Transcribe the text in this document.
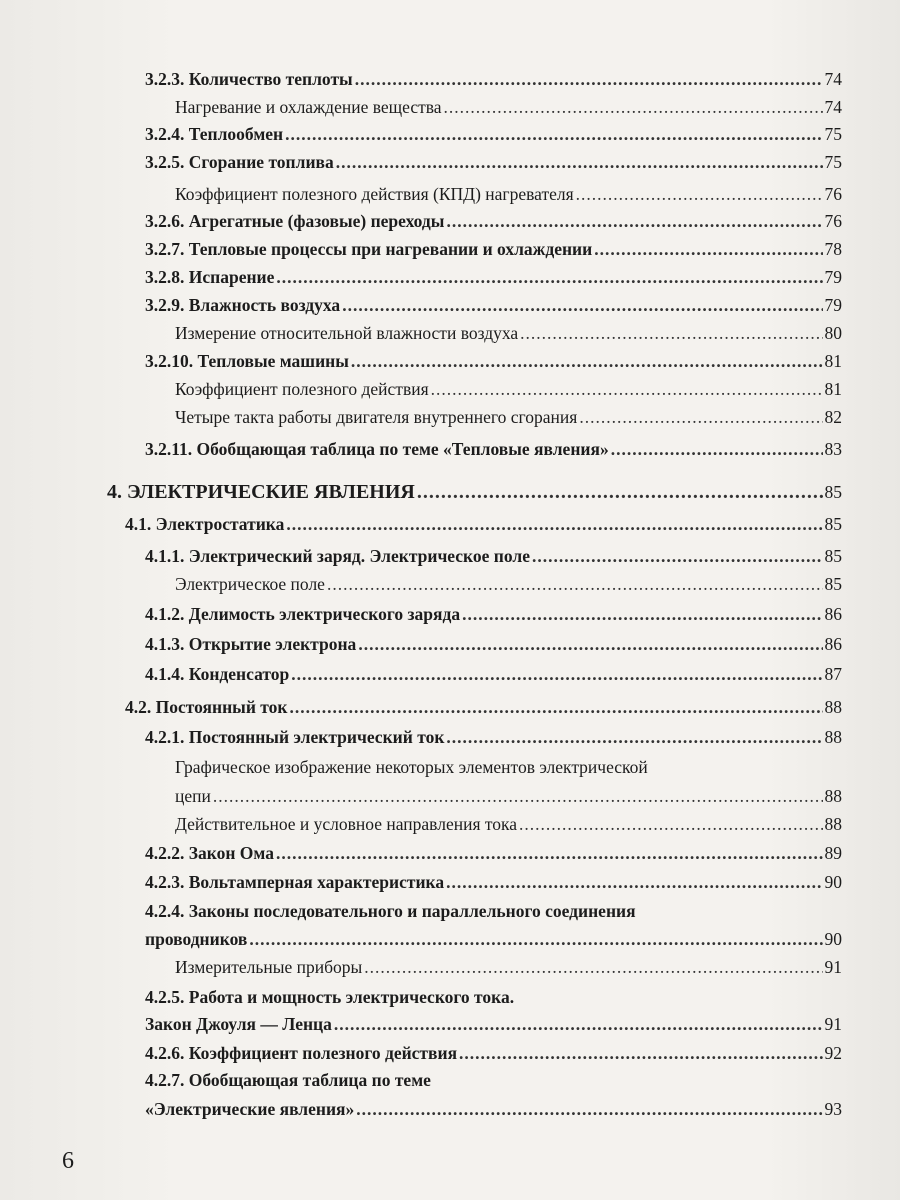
3.2.3. Количество теплоты .....	74
Нагревание и охлаждение вещества .....	74
3.2.4. Теплообмен .....	75
3.2.5. Сгорание топлива .....	75
Коэффициент полезного действия (КПД) нагревателя .....	76
3.2.6. Агрегатные (фазовые) переходы .....	76
3.2.7. Тепловые процессы при нагревании и охлаждении .....	78
3.2.8. Испарение .....	79
3.2.9. Влажность воздуха .....	79
Измерение относительной влажности воздуха .....	80
3.2.10. Тепловые машины .....	81
Коэффициент полезного действия .....	81
Четыре такта работы двигателя внутреннего сгорания .....	82
3.2.11. Обобщающая таблица по теме «Тепловые явления» .....	83
4. ЭЛЕКТРИЧЕСКИЕ ЯВЛЕНИЯ .....	85
4.1. Электростатика .....	85
4.1.1. Электрический заряд. Электрическое поле .....	85
Электрическое поле .....	85
4.1.2. Делимость электрического заряда .....	86
4.1.3. Открытие электрона .....	86
4.1.4. Конденсатор .....	87
4.2. Постоянный ток .....	88
4.2.1. Постоянный электрический ток .....	88
Графическое изображение некоторых элементов электрической
цепи .....	88
Действительное и условное направления тока .....	88
4.2.2. Закон Ома .....	89
4.2.3. Вольтамперная характеристика .....	90
4.2.4. Законы последовательного и параллельного соединения
проводников .....	90
Измерительные приборы .....	91
4.2.5. Работа и мощность электрического тока.
Закон Джоуля — Ленца .....	91
4.2.6. Коэффициент полезного действия .....	92
4.2.7. Обобщающая таблица по теме
«Электрические явления» .....	93
6
